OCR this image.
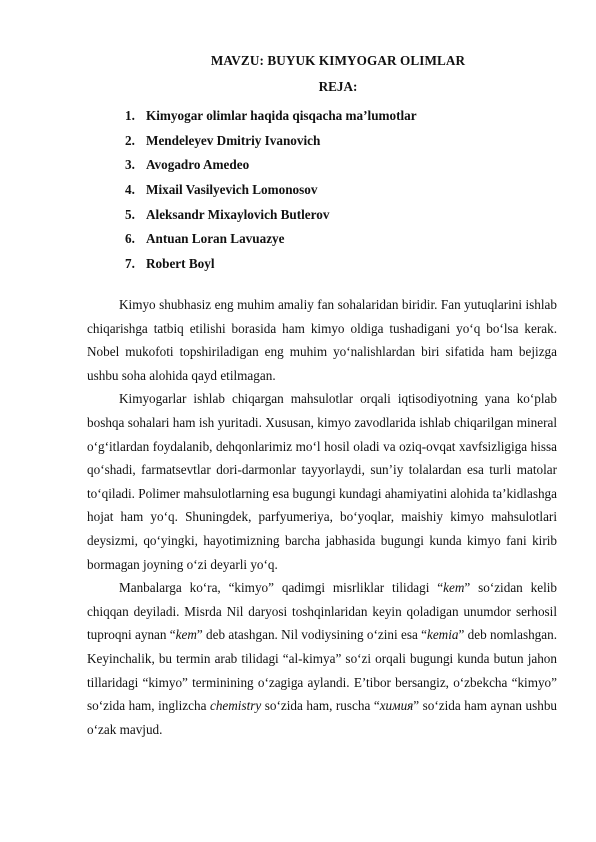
MAVZU: BUYUK KIMYOGAR OLIMLAR
REJA:
1. Kimyogar olimlar haqida qisqacha ma’lumotlar
2. Mendeleyev Dmitriy Ivanovich
3. Avogadro Amedeo
4. Mixail Vasilyevich Lomonosov
5. Aleksandr Mixaylovich Butlerov
6. Antuan Loran Lavuazye
7. Robert Boyl

Kimyo shubhasiz eng muhim amaliy fan sohalaridan biridir. Fan yutuqlarini ishlab chiqarishga tatbiq etilishi borasida ham kimyo oldiga tushadigani yo‘q bo‘lsa kerak. Nobel mukofoti topshiriladigan eng muhim yo‘nalishlardan biri sifatida ham bejizga ushbu soha alohida qayd etilmagan.

Kimyogarlar ishlab chiqargan mahsulotlar orqali iqtisodiyotning yana ko‘plab boshqa sohalari ham ish yuritadi. Xususan, kimyo zavodlarida ishlab chiqarilgan mineral o‘g‘itlardan foydalanib, dehqonlarimiz mo‘l hosil oladi va oziq-ovqat xavfsizligiga hissa qo‘shadi, farmatsevtlar dori-darmonlar tayyorlaydi, sun’iy tolalardan esa turli matolar to‘qiladi. Polimer mahsulotlarning esa bugungi kundagi ahamiyatini alohida ta’kidlashga hojat ham yo‘q. Shuningdek, parfyumeriya, bo‘yoqlar, maishiy kimyo mahsulotlari deysizmi, qo‘yingki, hayotimizning barcha jabhasida bugungi kunda kimyo fani kirib bormagan joyning o‘zi deyarli yo‘q.

Manbalarga ko‘ra, “kimyo” qadimgi misrliklar tilidagi “kem” so‘zidan kelib chiqqan deyiladi. Misrda Nil daryosi toshqinlaridan keyin qoladigan unumdor serhosil tuproqni aynan “kem” deb atashgan. Nil vodiysining o‘zini esa “kemia” deb nomlashgan. Keyinchalik, bu termin arab tilidagi “al-kimya” so‘zi orqali bugungi kunda butun jahon tillaridagi “kimyo” terminining o‘zagiga aylandi. E’tibor bersangiz, o‘zbekcha “kimyo” so‘zida ham, inglizcha chemistry so‘zida ham, ruscha “химия” so‘zida ham aynan ushbu o‘zak mavjud.
